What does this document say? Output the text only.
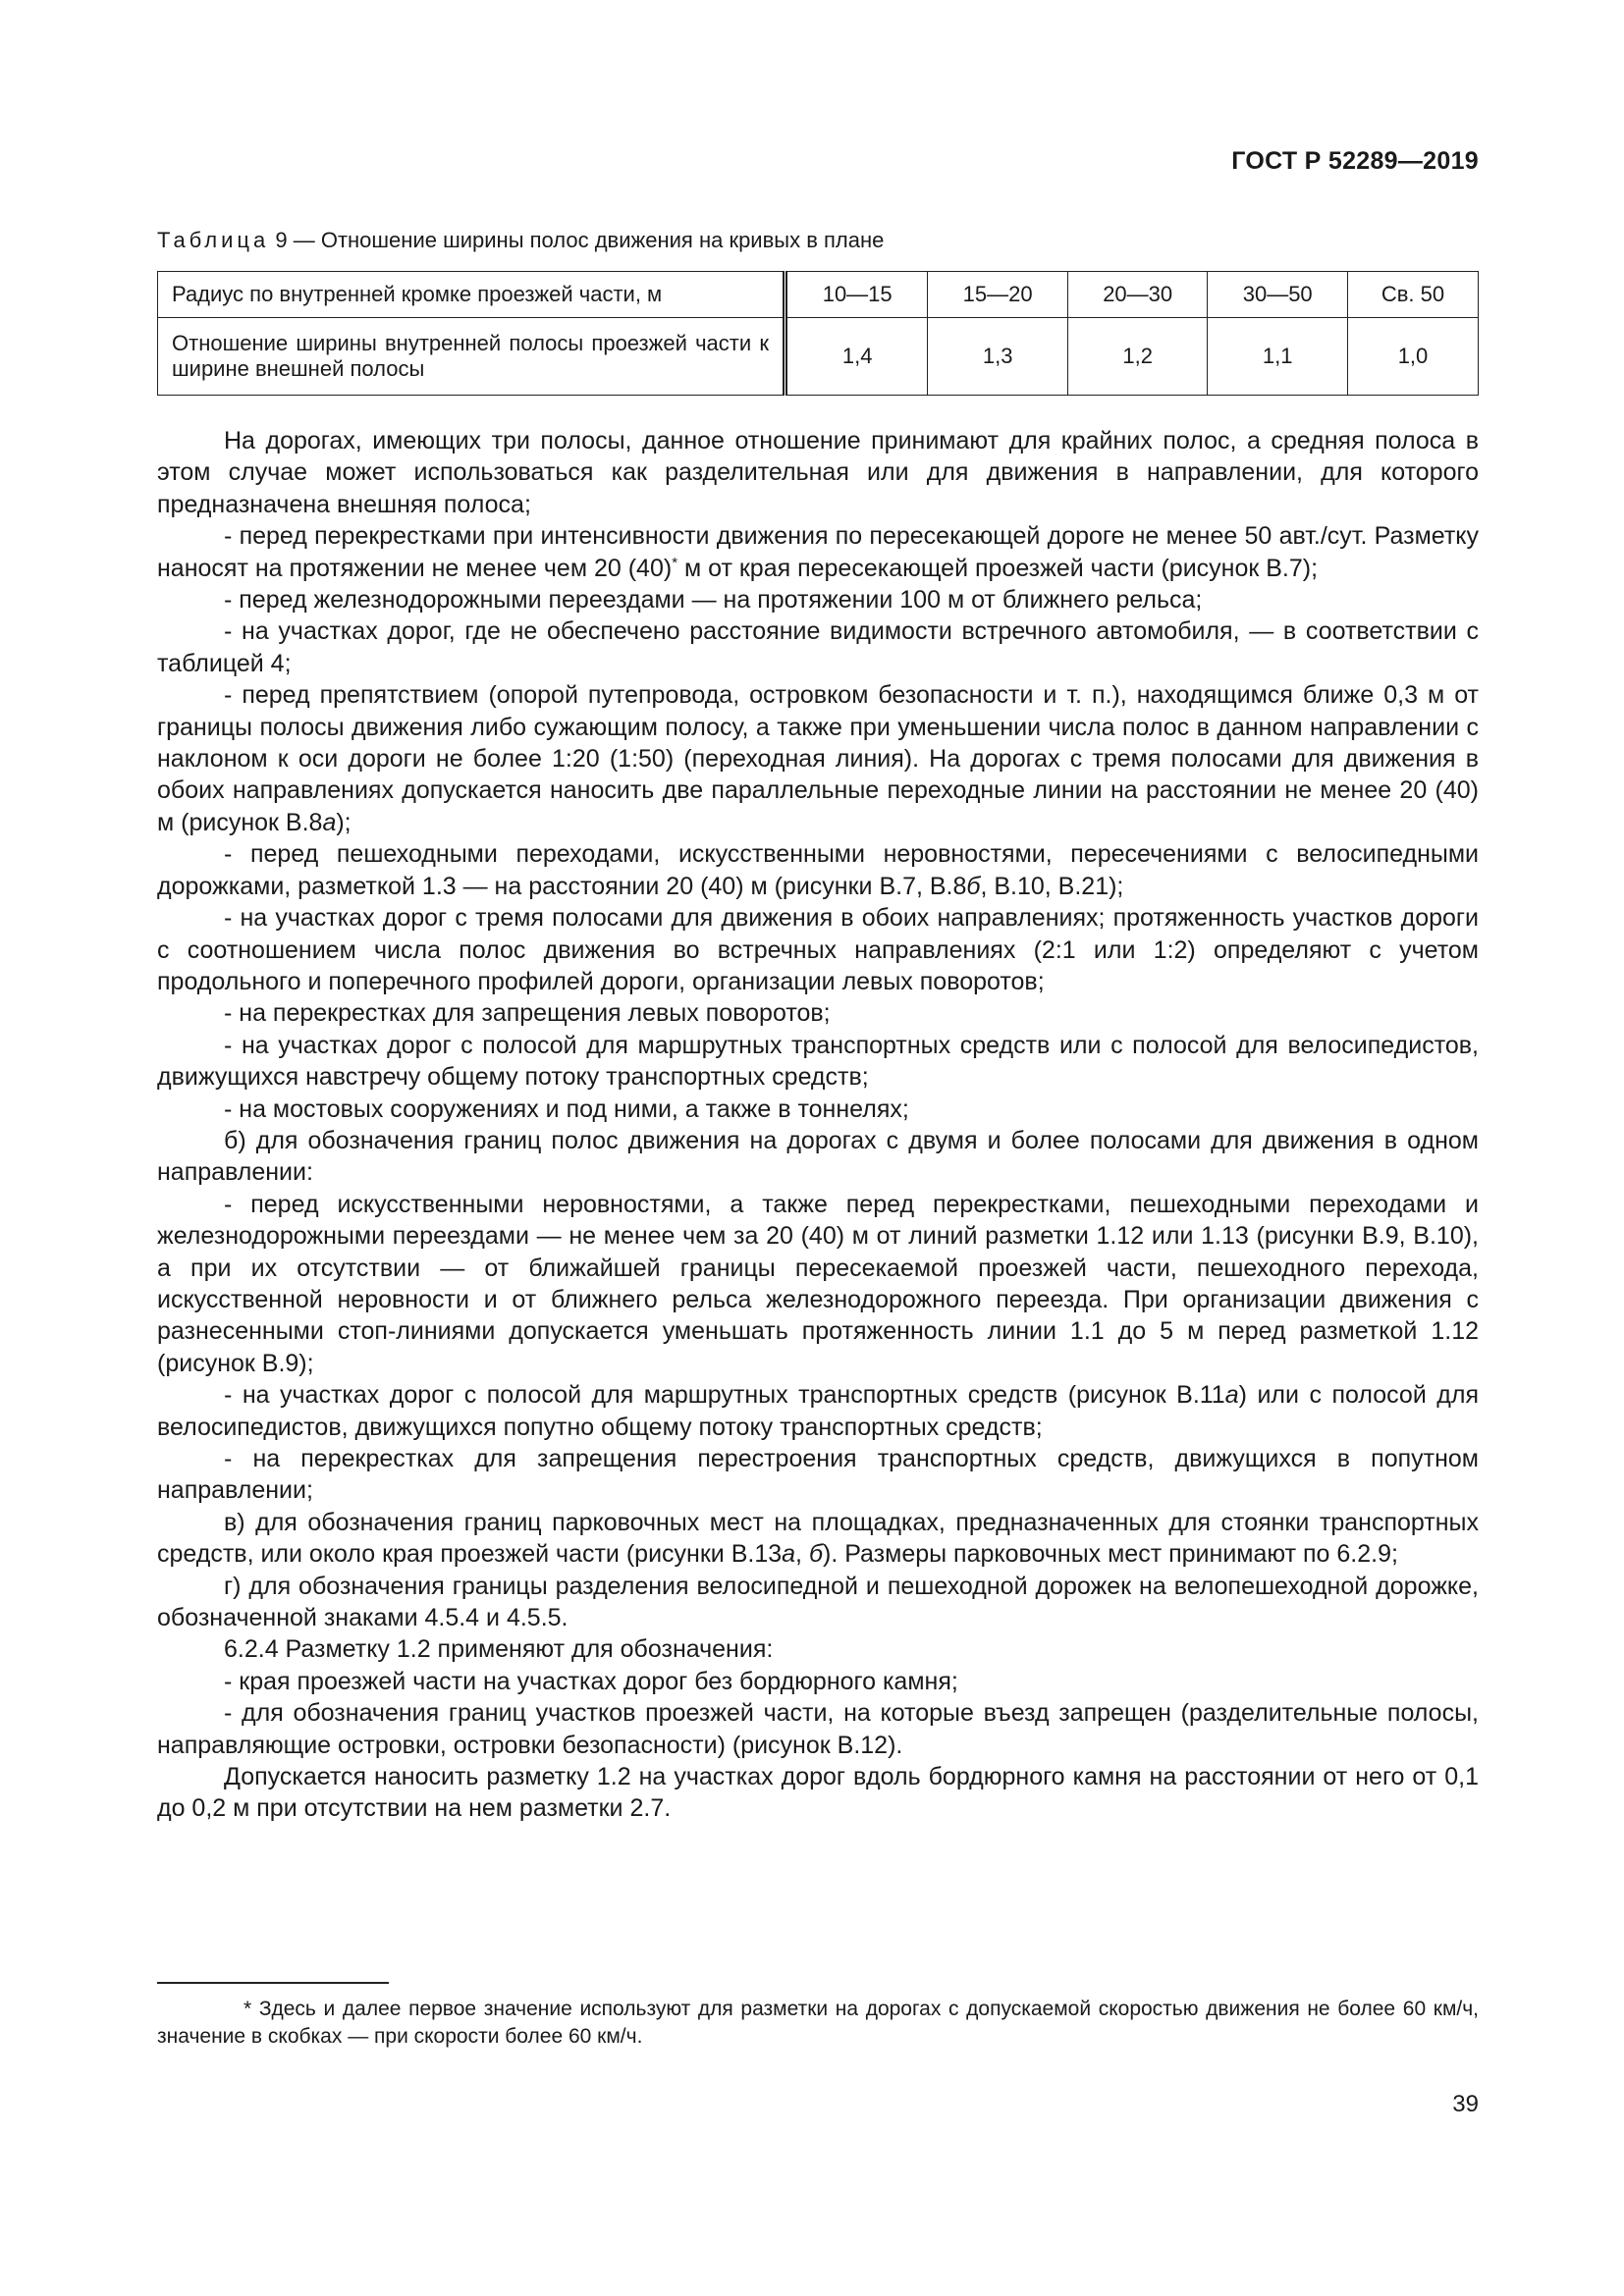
ГОСТ Р 52289—2019
Таблица 9 — Отношение ширины полос движения на кривых в плане
Радиус по внутренней кромке проезжей части, м	10—15	15—20	20—30	30—50	Св. 50
Отношение ширины внутренней полосы проезжей части к ширине внешней полосы	1,4	1,3	1,2	1,1	1,0

На дорогах, имеющих три полосы, данное отношение принимают для крайних полос, а средняя полоса в этом случае может использоваться как разделительная или для движения в направлении, для которого предназначена внешняя полоса;

- перед перекрестками при интенсивности движения по пересекающей дороге не менее 50 авт./сут. Разметку наносят на протяжении не менее чем 20 (40)* м от края пересекающей проезжей части (рисунок В.7);

- перед железнодорожными переездами — на протяжении 100 м от ближнего рельса;

- на участках дорог, где не обеспечено расстояние видимости встречного автомобиля, — в соответствии с таблицей 4;

- перед препятствием (опорой путепровода, островком безопасности и т. п.), находящимся ближе 0,3 м от границы полосы движения либо сужающим полосу, а также при уменьшении числа полос в данном направлении с наклоном к оси дороги не более 1:20 (1:50) (переходная линия). На дорогах с тремя полосами для движения в обоих направлениях допускается наносить две параллельные переходные линии на расстоянии не менее 20 (40) м (рисунок В.8а);

- перед пешеходными переходами, искусственными неровностями, пересечениями с велосипедными дорожками, разметкой 1.3 — на расстоянии 20 (40) м (рисунки В.7, В.8б, В.10, В.21);

- на участках дорог с тремя полосами для движения в обоих направлениях; протяженность участков дороги с соотношением числа полос движения во встречных направлениях (2:1 или 1:2) определяют с учетом продольного и поперечного профилей дороги, организации левых поворотов;

- на перекрестках для запрещения левых поворотов;

- на участках дорог с полосой для маршрутных транспортных средств или с полосой для велосипедистов, движущихся навстречу общему потоку транспортных средств;

- на мостовых сооружениях и под ними, а также в тоннелях;

б) для обозначения границ полос движения на дорогах с двумя и более полосами для движения в одном направлении:

- перед искусственными неровностями, а также перед перекрестками, пешеходными переходами и железнодорожными переездами — не менее чем за 20 (40) м от линий разметки 1.12 или 1.13 (рисунки В.9, В.10), а при их отсутствии — от ближайшей границы пересекаемой проезжей части, пешеходного перехода, искусственной неровности и от ближнего рельса железнодорожного переезда. При организации движения с разнесенными стоп-линиями допускается уменьшать протяженность линии 1.1 до 5 м перед разметкой 1.12 (рисунок В.9);

- на участках дорог с полосой для маршрутных транспортных средств (рисунок В.11а) или с полосой для велосипедистов, движущихся попутно общему потоку транспортных средств;

- на перекрестках для запрещения перестроения транспортных средств, движущихся в попутном направлении;

в) для обозначения границ парковочных мест на площадках, предназначенных для стоянки транспортных средств, или около края проезжей части (рисунки В.13а, б). Размеры парковочных мест принимают по 6.2.9;

г) для обозначения границы разделения велосипедной и пешеходной дорожек на велопешеходной дорожке, обозначенной знаками 4.5.4 и 4.5.5.

6.2.4 Разметку 1.2 применяют для обозначения:

- края проезжей части на участках дорог без бордюрного камня;

- для обозначения границ участков проезжей части, на которые въезд запрещен (разделительные полосы, направляющие островки, островки безопасности) (рисунок В.12).

Допускается наносить разметку 1.2 на участках дорог вдоль бордюрного камня на расстоянии от него от 0,1 до 0,2 м при отсутствии на нем разметки 2.7.

* Здесь и далее первое значение используют для разметки на дорогах с допускаемой скоростью движения не более 60 км/ч, значение в скобках — при скорости более 60 км/ч.
39
